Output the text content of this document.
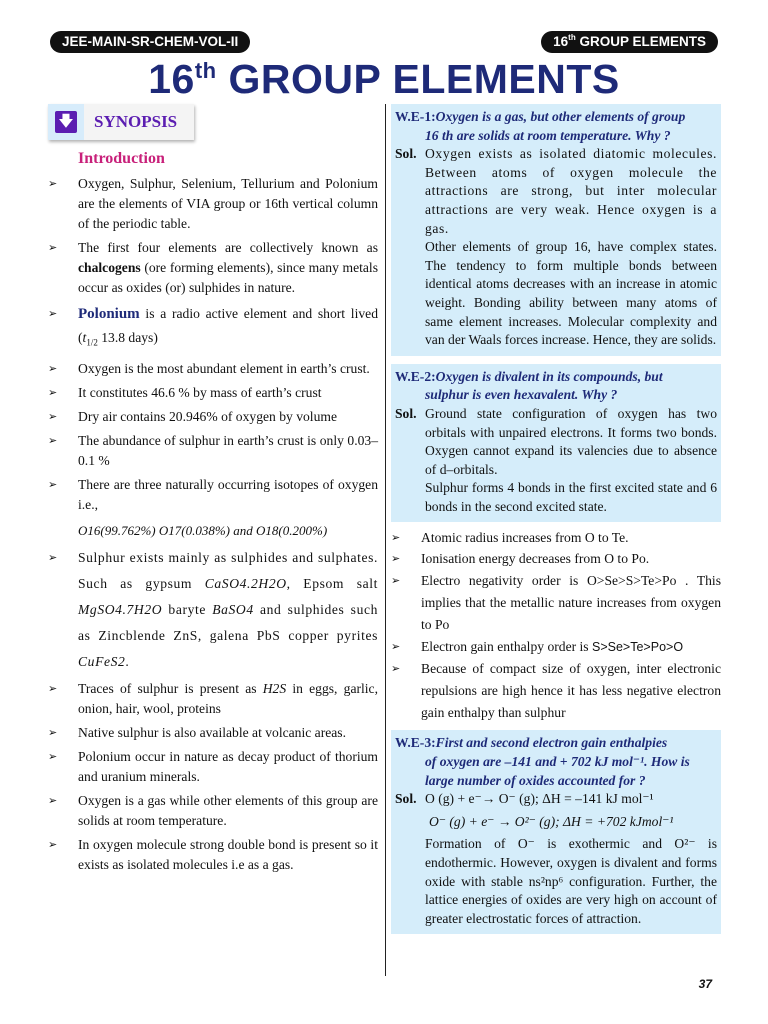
JEE-MAIN-SR-CHEM-VOL-II	16th GROUP ELEMENTS
16th GROUP ELEMENTS
🡇	SYNOPSIS
Introduction
➢ Oxygen, Sulphur, Selenium, Tellurium and Polonium are the elements of VIA group or 16th vertical column of the periodic table.
➢ The first four elements are collectively known as chalcogens (ore forming elements), since many metals occur as oxides (or) sulphides in nature.
➢ Polonium is a radio active element and short lived ($t_{1/2}$ 13.8 days)
➢ Oxygen is the most abundant element in earth’s crust.
➢ It constitutes 46.6 % by mass of earth’s crust
➢ Dry air contains 20.946% of oxygen by volume
➢ The abundance of sulphur in earth’s crust is only 0.03–0.1 %
➢ There are three naturally occurring isotopes of oxygen i.e.,
O16(99.762%) O17(0.038%) and O18(0.200%)
➢ Sulphur exists mainly as sulphides and sulphates. Such as gypsum CaSO4.2H2O, Epsom salt MgSO4.7H2O baryte BaSO4 and sulphides such as Zincblende ZnS, galena PbS copper pyrites CuFeS2.
➢ Traces of sulphur is present as H2S in eggs, garlic, onion, hair, wool, proteins
➢ Native sulphur is also available at volcanic areas.
➢ Polonium occur in nature as decay product of thorium and uranium minerals.
➢ Oxygen is a gas while other elements of this group are solids at room temperature.
➢ In oxygen molecule strong double bond is present so it exists as isolated molecules i.e as a gas.
W.E-1:Oxygen is a gas, but other elements of group
16 th are solids at room temperature. Why ?
Sol. Oxygen exists as isolated diatomic molecules. Between atoms of oxygen molecule the attractions are strong, but inter molecular attractions are very weak. Hence oxygen is a gas.
Other elements of group 16, have complex states. The tendency to form multiple bonds between identical atoms decreases with an increase in atomic weight. Bonding ability between many atoms of same element increases. Molecular complexity and van der Waals forces increase. Hence, they are solids.
W.E-2:Oxygen is divalent in its compounds, but
sulphur is even hexavalent. Why ?
Sol. Ground state configuration of oxygen has two orbitals with unpaired electrons. It forms two bonds. Oxygen cannot expand its valencies due to absence of d–orbitals.
Sulphur forms 4 bonds in the first excited state and 6 bonds in the second excited state.
➢ Atomic radius increases from O to Te.
➢ Ionisation energy decreases from O to Po.
➢ Electro negativity order is O>Se>S>Te>Po . This implies that the metallic nature increases from oxygen to Po
➢ Electron gain enthalpy order is S>Se>Te>Po>O
➢ Because of compact size of oxygen, inter electronic repulsions are high hence it has less negative electron gain enthalpy than sulphur
W.E-3:First and second electron gain enthalpies
of oxygen are –141 and + 702 kJ mol⁻¹. How is large number of oxides accounted for ?
Sol. O (g) + e⁻→ O⁻ (g); ΔH = –141 kJ mol⁻¹
O⁻ (g) + e⁻ → O²⁻ (g); ΔH = +702 kJmol⁻¹
Formation of O⁻ is exothermic and O²⁻ is endothermic. However, oxygen is divalent and forms oxide with stable ns²np⁶ configuration. Further, the lattice energies of oxides are very high on account of greater electrostatic forces of attraction.
37
